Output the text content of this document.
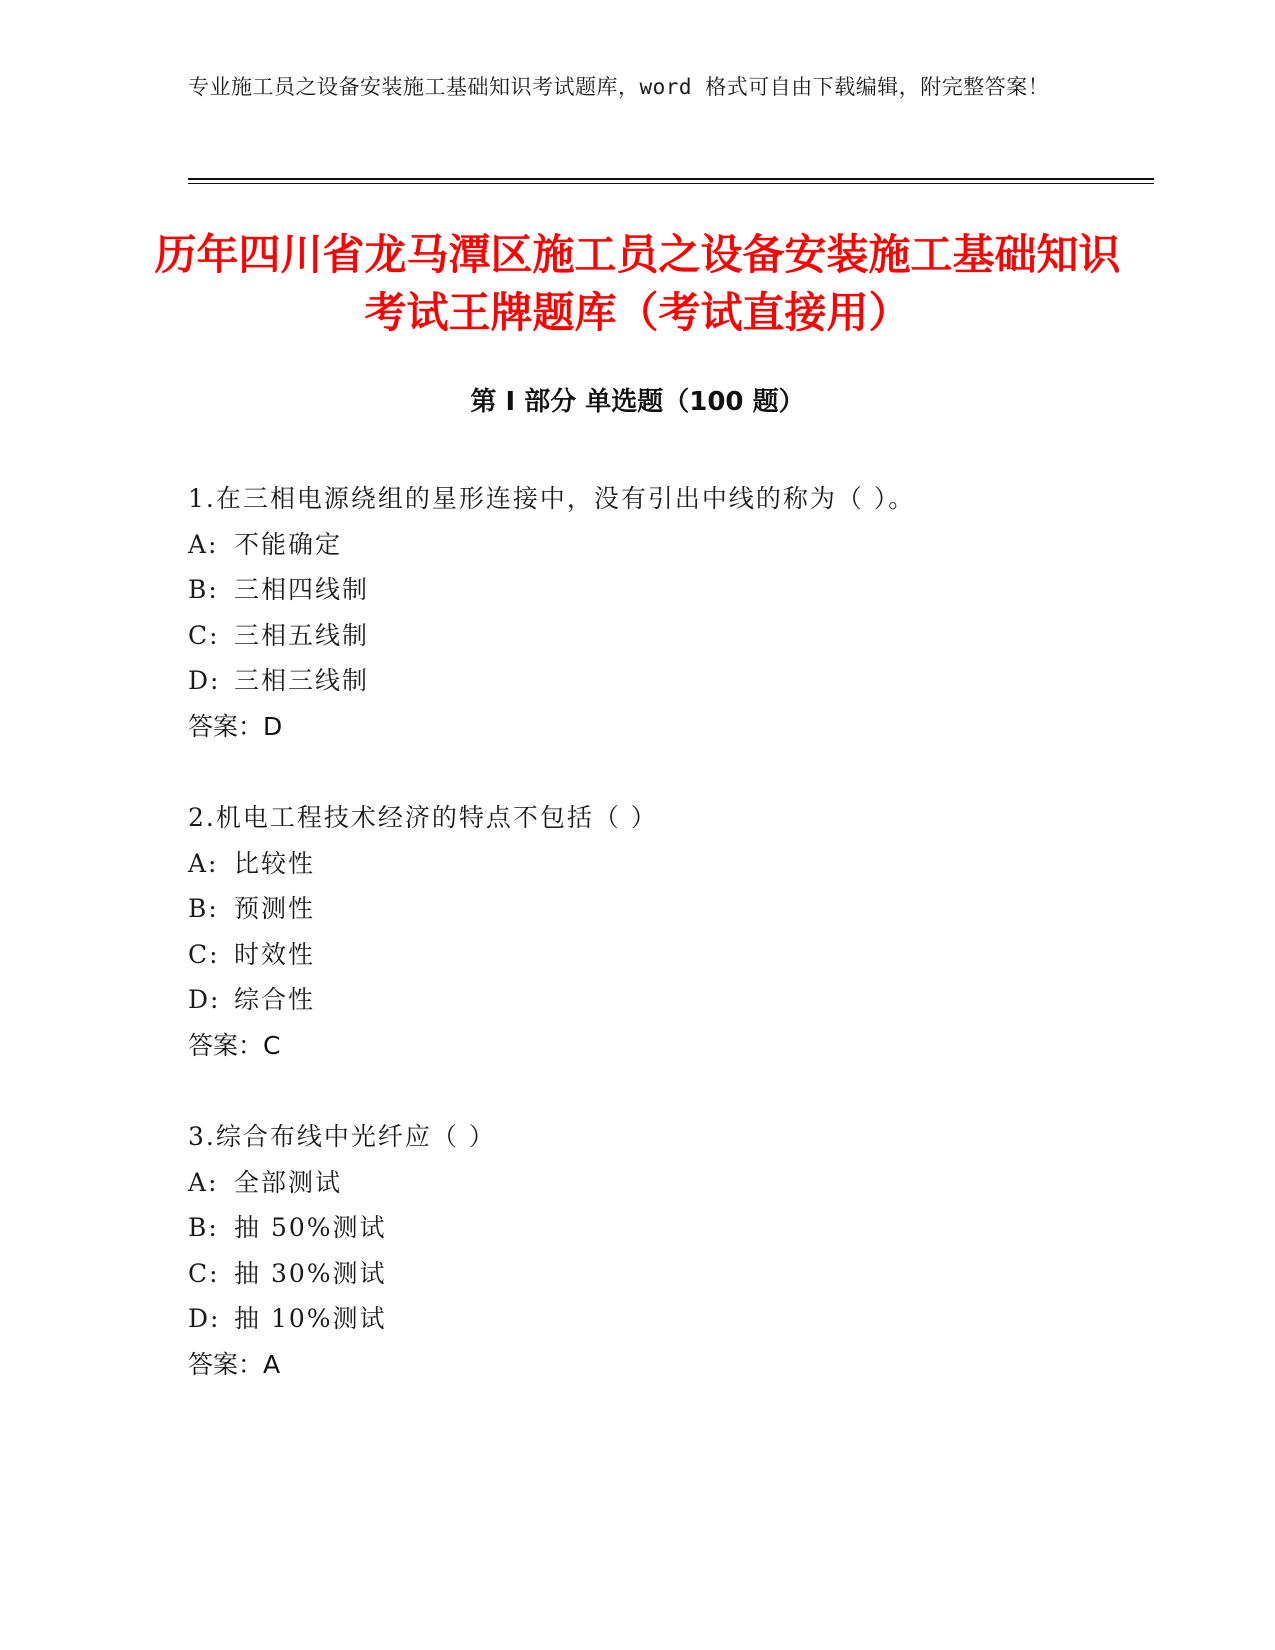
专业施工员之设备安装施工基础知识考试题库，word 格式可自由下载编辑，附完整答案！
历年四川省龙马潭区施工员之设备安装施工基础知识考试王牌题库（考试直接用）
第 I 部分 单选题（100 题）
1.在三相电源绕组的星形连接中，没有引出中线的称为（ ）。
A: 不能确定
B: 三相四线制
C: 三相五线制
D: 三相三线制
答案：D
2.机电工程技术经济的特点不包括（ ）
A: 比较性
B: 预测性
C: 时效性
D: 综合性
答案：C
3.综合布线中光纤应（ ）
A: 全部测试
B: 抽 50%测试
C: 抽 30%测试
D: 抽 10%测试
答案：A
